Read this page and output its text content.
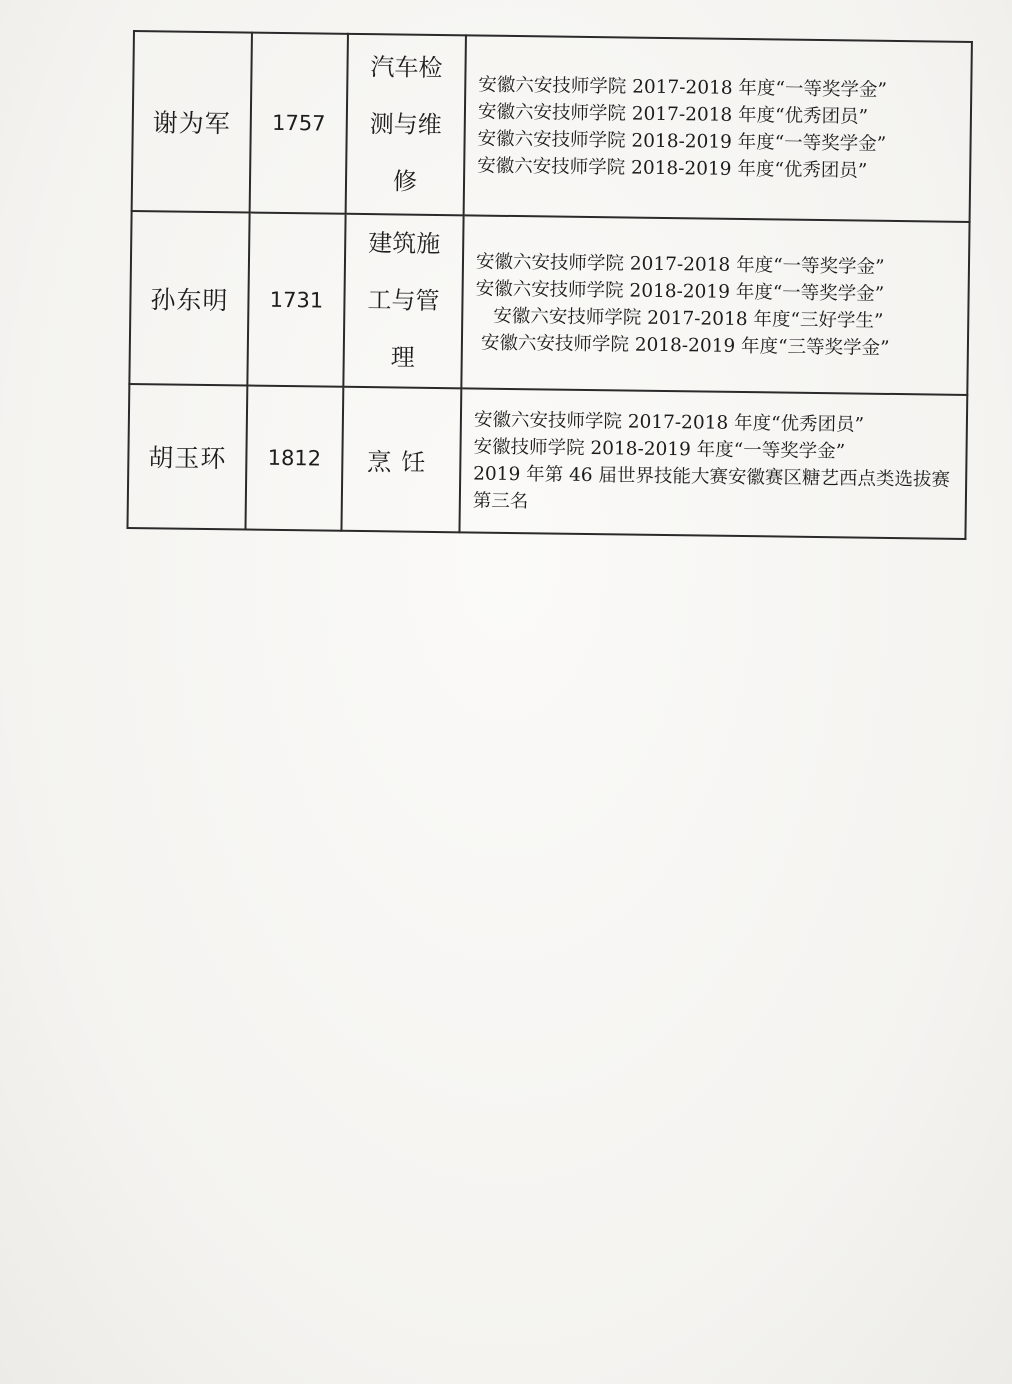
谢为军	1757	汽车检
测与维
修	安徽六安技师学院 2017-2018 年度“一等奖学金”
安徽六安技师学院 2017-2018 年度“优秀团员”
安徽六安技师学院 2018-2019 年度“一等奖学金”
安徽六安技师学院 2018-2019 年度“优秀团员”

孙东明	1731	建筑施
工与管
理	安徽六安技师学院 2017-2018 年度“一等奖学金”
安徽六安技师学院 2018-2019 年度“一等奖学金”
安徽六安技师学院 2017-2018 年度“三好学生”
安徽六安技师学院 2018-2019 年度“三等奖学金”

胡玉环	1812	烹饪	安徽六安技师学院 2017-2018 年度“优秀团员”
安徽技师学院 2018-2019 年度“一等奖学金”
2019 年第 46 届世界技能大赛安徽赛区糖艺西点类选拔赛第三名
